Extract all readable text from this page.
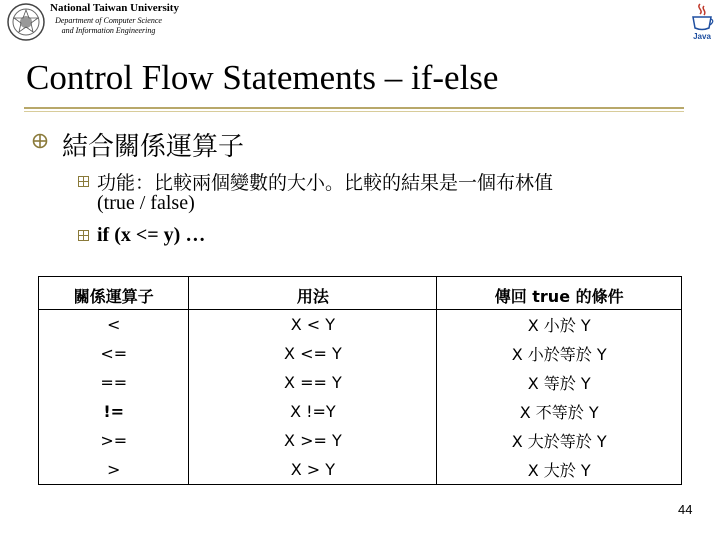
National Taiwan University
Department of Computer Science
and Information Engineering
Java
Control Flow Statements – if-else
結合關係運算子
功能：比較兩個變數的大小。比較的結果是一個布林值
(true / false)
if (x <= y) …
關係運算子	用法	傳回 true 的條件
<	X < Y	X 小於 Y
<=	X <= Y	X 小於等於 Y
==	X == Y	X 等於 Y
!=	X !=Y	X 不等於 Y
>=	X >= Y	X 大於等於 Y
>	X > Y	X 大於 Y
44
